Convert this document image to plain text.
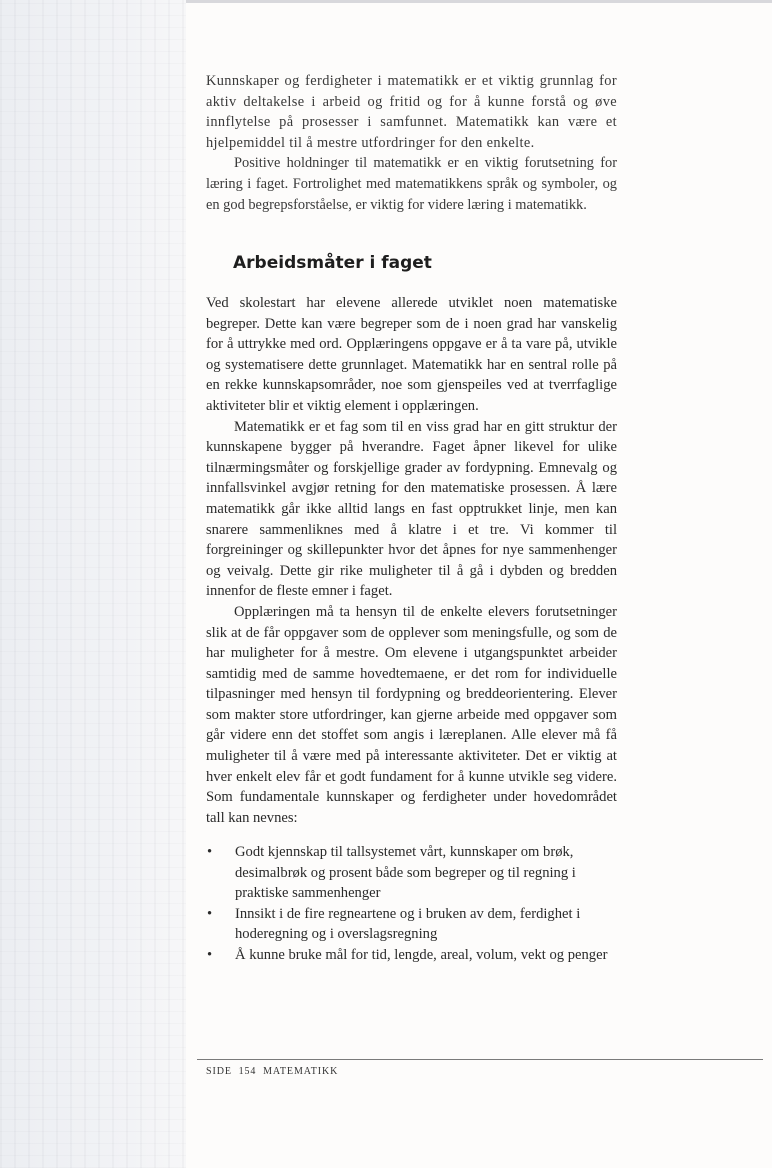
Kunnskaper og ferdigheter i matematikk er et viktig grunnlag for aktiv deltakelse i arbeid og fritid og for å kunne forstå og øve innflytelse på prosesser i samfunnet. Matematikk kan være et hjelpemiddel til å mestre utfordringer for den enkelte.

Positive holdninger til matematikk er en viktig forutsetning for læring i faget. Fortrolighet med matematikkens språk og symboler, og en god begrepsforståelse, er viktig for videre læring i matematikk.

Arbeidsmåter i faget

Ved skolestart har elevene allerede utviklet noen matematiske begreper. Dette kan være begreper som de i noen grad har vanskelig for å uttrykke med ord. Opplæringens oppgave er å ta vare på, utvikle og systematisere dette grunnlaget. Matematikk har en sentral rolle på en rekke kunnskapsområder, noe som gjenspeiles ved at tverrfaglige aktiviteter blir et viktig element i opplæringen.

Matematikk er et fag som til en viss grad har en gitt struktur der kunnskapene bygger på hverandre. Faget åpner likevel for ulike tilnærmingsmåter og forskjellige grader av fordypning. Emnevalg og innfallsvinkel avgjør retning for den matematiske prosessen. Å lære matematikk går ikke alltid langs en fast opptrukket linje, men kan snarere sammenliknes med å klatre i et tre. Vi kommer til forgreininger og skillepunkter hvor det åpnes for nye sammenhenger og veivalg. Dette gir rike muligheter til å gå i dybden og bredden innenfor de fleste emner i faget.

Opplæringen må ta hensyn til de enkelte elevers forutsetninger slik at de får oppgaver som de opplever som meningsfulle, og som de har muligheter for å mestre. Om elevene i utgangspunktet arbeider samtidig med de samme hovedtemaene, er det rom for individuelle tilpasninger med hensyn til fordypning og breddeorientering. Elever som makter store utfordringer, kan gjerne arbeide med oppgaver som går videre enn det stoffet som angis i læreplanen. Alle elever må få muligheter til å være med på interessante aktiviteter. Det er viktig at hver enkelt elev får et godt fundament for å kunne utvikle seg videre. Som fundamentale kunnskaper og ferdigheter under hovedområdet tall kan nevnes:

• Godt kjennskap til tallsystemet vårt, kunnskaper om brøk, desimalbrøk og prosent både som begreper og til regning i praktiske sammenhenger
• Innsikt i de fire regneartene og i bruken av dem, ferdighet i hoderegning og i overslagsregning
• Å kunne bruke mål for tid, lengde, areal, volum, vekt og penger
SIDE  154  MATEMATIKK
